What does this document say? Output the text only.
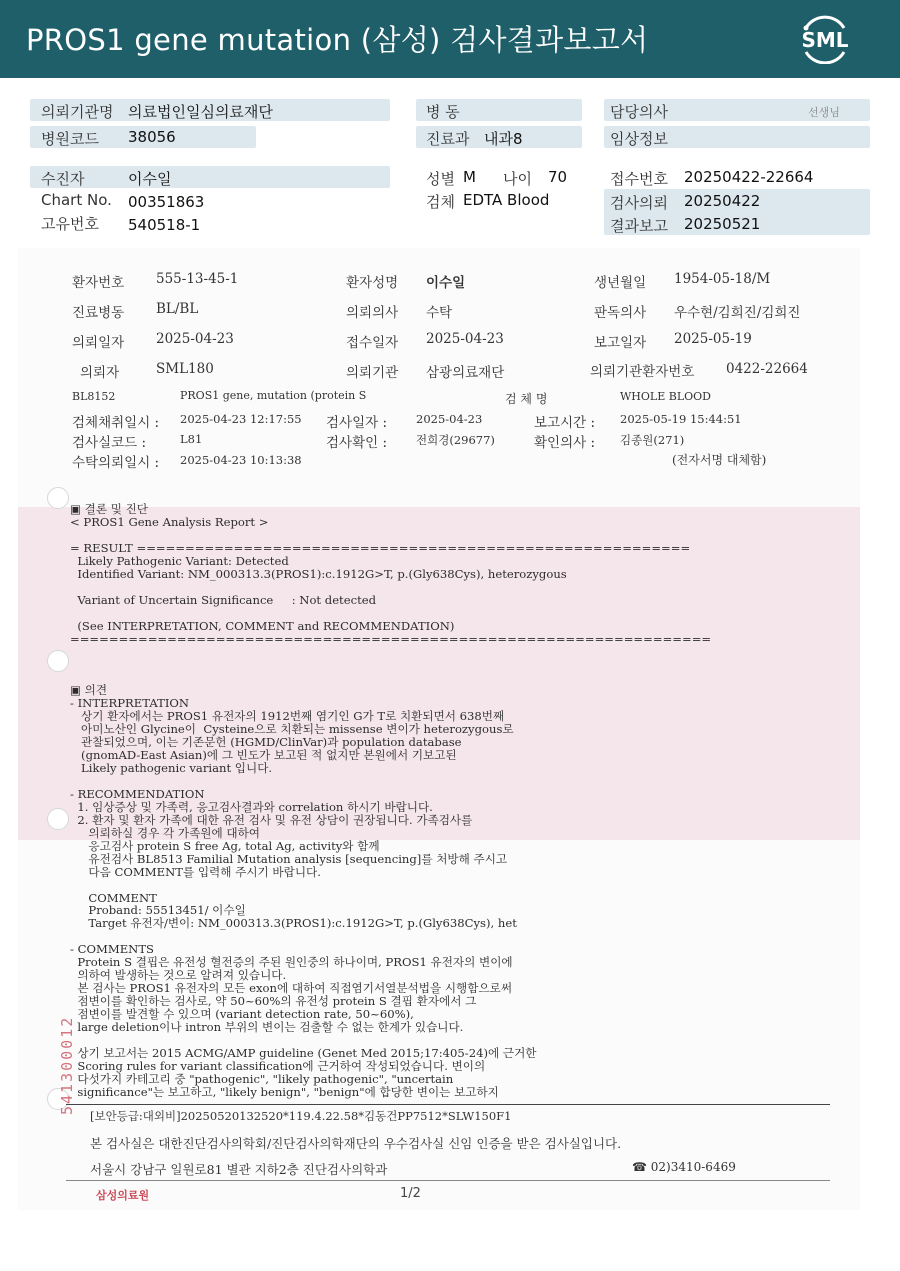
PROS1 gene mutation (삼성) 검사결과보고서	SML
의뢰기관명 의료법인일심의료재단
병원코드 38056
수진자	이수일
Chart No. 00351863
고유번호 540518-1
병 동
진료과 내과8
성별 M 나이 70
검체 EDTA Blood
담당의사	선생님
임상정보
접수번호 20250422-22664
검사의뢰 20250422
결과보고 20250521
환자번호 555-13-45-1	환자성명 이수일	생년월일 1954-05-18/M
진료병동 BL/BL	의뢰의사 수탁	판독의사 우수현/김희진/김희진
의뢰일자 2025-04-23	접수일자 2025-04-23	보고일자 2025-05-19
의뢰자	SML180	의뢰기관 삼광의료재단	의뢰기관환자번호 0422-22664
BL8152	PROS1 gene, mutation (protein S	검 체 명	WHOLE BLOOD
검체채취일시 : 2025-04-23 12:17:55 검사일자 :	2025-04-23	보고시간 : 2025-05-19 15:44:51
검사실코드 :	L81	검사확인 :	전희경(29677)	확인의사 : 김종원(271)
수탁의뢰일시 : 2025-04-23 10:13:38	(전자서명 대체함)
▣ 결론 및 진단
< PROS1 Gene Analysis Report >
= RESULT =========================================================
Likely Pathogenic Variant: Detected
Identified Variant: NM_000313.3(PROS1):c.1912G>T, p.(Gly638Cys), heterozygous
Variant of Uncertain Significance     : Not detected
(See INTERPRETATION, COMMENT and RECOMMENDATION)
==================================================================
▣ 의견
- INTERPRETATION
상기 환자에서는 PROS1 유전자의 1912번째 염기인 G가 T로 치환되면서 638번째
아미노산인 Glycine이  Cysteine으로 치환되는 missense 변이가 heterozygous로
관찰되었으며, 이는 기존문헌 (HGMD/ClinVar)과 population database
(gnomAD-East Asian)에 그 빈도가 보고된 적 없지만 본원에서 기보고된
Likely pathogenic variant 입니다.
- RECOMMENDATION
1. 임상증상 및 가족력, 응고검사결과와 correlation 하시기 바랍니다.
2. 환자 및 환자 가족에 대한 유전 검사 및 유전 상담이 권장됩니다. 가족검사를
의뢰하실 경우 각 가족원에 대하여
응고검사 protein S free Ag, total Ag, activity와 함께
유전검사 BL8513 Familial Mutation analysis [sequencing]를 처방해 주시고
다음 COMMENT를 입력해 주시기 바랍니다.
COMMENT
Proband: 55513451/ 이수일
Target 유전자/변이: NM_000313.3(PROS1):c.1912G>T, p.(Gly638Cys), het
- COMMENTS
Protein S 결핍은 유전성 혈전증의 주된 원인중의 하나이며, PROS1 유전자의 변이에
의하여 발생하는 것으로 알려져 있습니다.
본 검사는 PROS1 유전자의 모든 exon에 대하여 직접염기서열분석법을 시행함으로써
점변이를 확인하는 검사로, 약 50~60%의 유전성 protein S 결핍 환자에서 그
점변이를 발견할 수 있으며 (variant detection rate, 50~60%),
large deletion이나 intron 부위의 변이는 검출할 수 없는 한계가 있습니다.
상기 보고서는 2015 ACMG/AMP guideline (Genet Med 2015;17:405-24)에 근거한
Scoring rules for variant classification에 근거하여 작성되었습니다. 변이의
다섯가지 카테고리 중 "pathogenic", "likely pathogenic", "uncertain
significance"는 보고하고, "likely benign", "benign"에 합당한 변이는 보고하지
[보안등급:대외비]20250520132520*119.4.22.58*김동건PP7512*SLW150F1
본 검사실은 대한진단검사의학회/진단검사의학재단의 우수검사실 신임 인증을 받은 검사실입니다.
서울시 강남구 일원로81 별관 지하2층 진단검사의학과	☎ 02)3410-6469
541300012
삼성의료원	1/2
